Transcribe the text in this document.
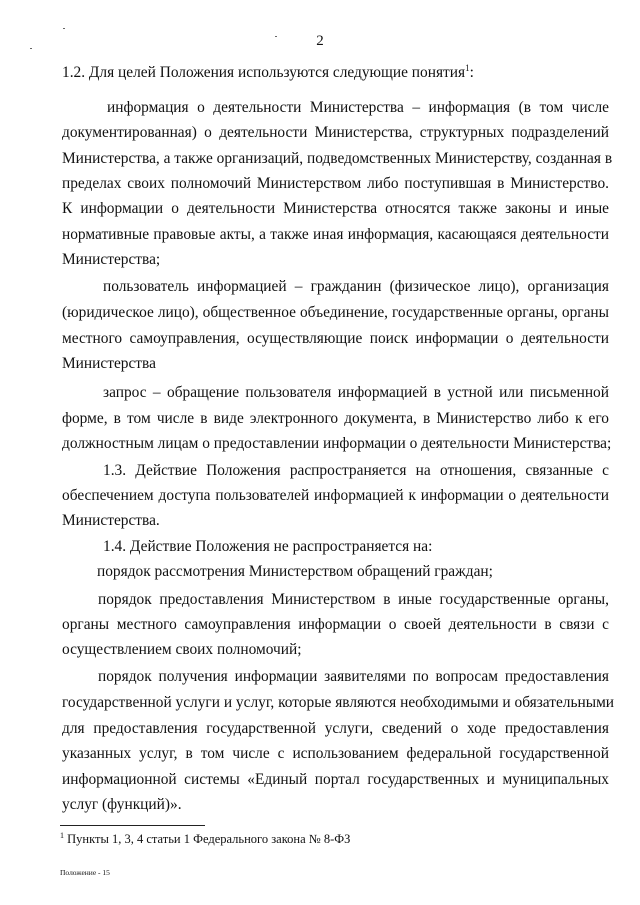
2
1.2. Для целей Положения используются следующие понятия$^1$:
информация о деятельности Министерства – информация (в том числе
документированная) о деятельности Министерства, структурных подразделений
Министерства, а также организаций, подведомственных Министерству, созданная в
пределах своих полномочий Министерством либо поступившая в Министерство.
К информации о деятельности Министерства относятся также законы и иные
нормативные правовые акты, а также иная информация, касающаяся деятельности
Министерства;
пользователь информацией – гражданин (физическое лицо), организация
(юридическое лицо), общественное объединение, государственные органы, органы
местного самоуправления, осуществляющие поиск информации о деятельности
Министерства
запрос – обращение пользователя информацией в устной или письменной
форме, в том числе в виде электронного документа, в Министерство либо к его
должностным лицам о предоставлении информации о деятельности Министерства;
1.3. Действие Положения распространяется на отношения, связанные с
обеспечением доступа пользователей информацией к информации о деятельности
Министерства.
1.4. Действие Положения не распространяется на:
порядок рассмотрения Министерством обращений граждан;
порядок предоставления Министерством в иные государственные органы,
органы местного самоуправления информации о своей деятельности в связи с
осуществлением своих полномочий;
порядок получения информации заявителями по вопросам предоставления
государственной услуги и услуг, которые являются необходимыми и обязательными
для предоставления государственной услуги, сведений о ходе предоставления
указанных услуг, в том числе с использованием федеральной государственной
информационной системы «Единый портал государственных и муниципальных
услуг (функций)».
$^1$ Пункты 1, 3, 4 статьи 1 Федерального закона № 8-ФЗ
Положение - 15
